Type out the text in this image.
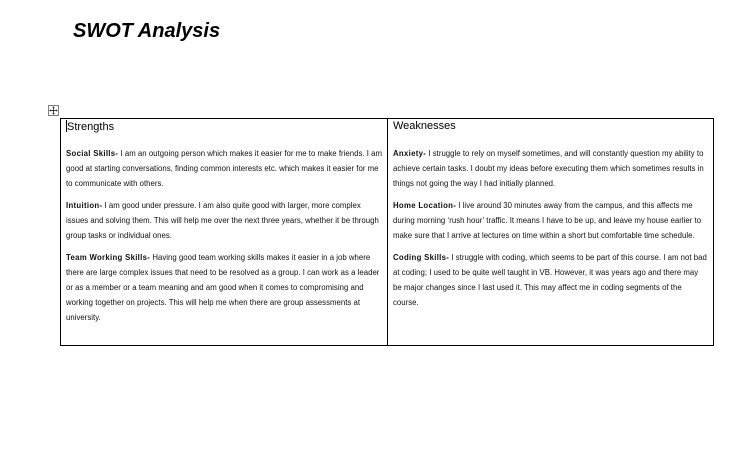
SWOT Analysis
Strengths

Social Skills- I am an outgoing person which makes it easier for me to make friends. I am good at starting conversations, finding common interests etc. which makes it easier for me to communicate with others.

Intuition- I am good under pressure. I am also quite good with larger, more complex issues and solving them. This will help me over the next three years, whether it be through group tasks or individual ones.

Team Working Skills- Having good team working skills makes it easier in a job where there are large complex issues that need to be resolved as a group. I can work as a leader or as a member or a team meaning and am good when it comes to compromising and working together on projects. This will help me when there are group assessments at university.

Weaknesses

Anxiety- I struggle to rely on myself sometimes, and will constantly question my ability to achieve certain tasks. I doubt my ideas before executing them which sometimes results in things not going the way I had initially planned.

Home Location- I live around 30 minutes away from the campus, and this affects me during morning ‘rush hour’ traffic. It means I have to be up, and leave my house earlier to make sure that I arrive at lectures on time within a short but comfortable time schedule.

Coding Skills- I struggle with coding, which seems to be part of this course. I am not bad at coding; I used to be quite well taught in VB. However, it was years ago and there may be major changes since I last used it. This may affect me in coding segments of the course.
